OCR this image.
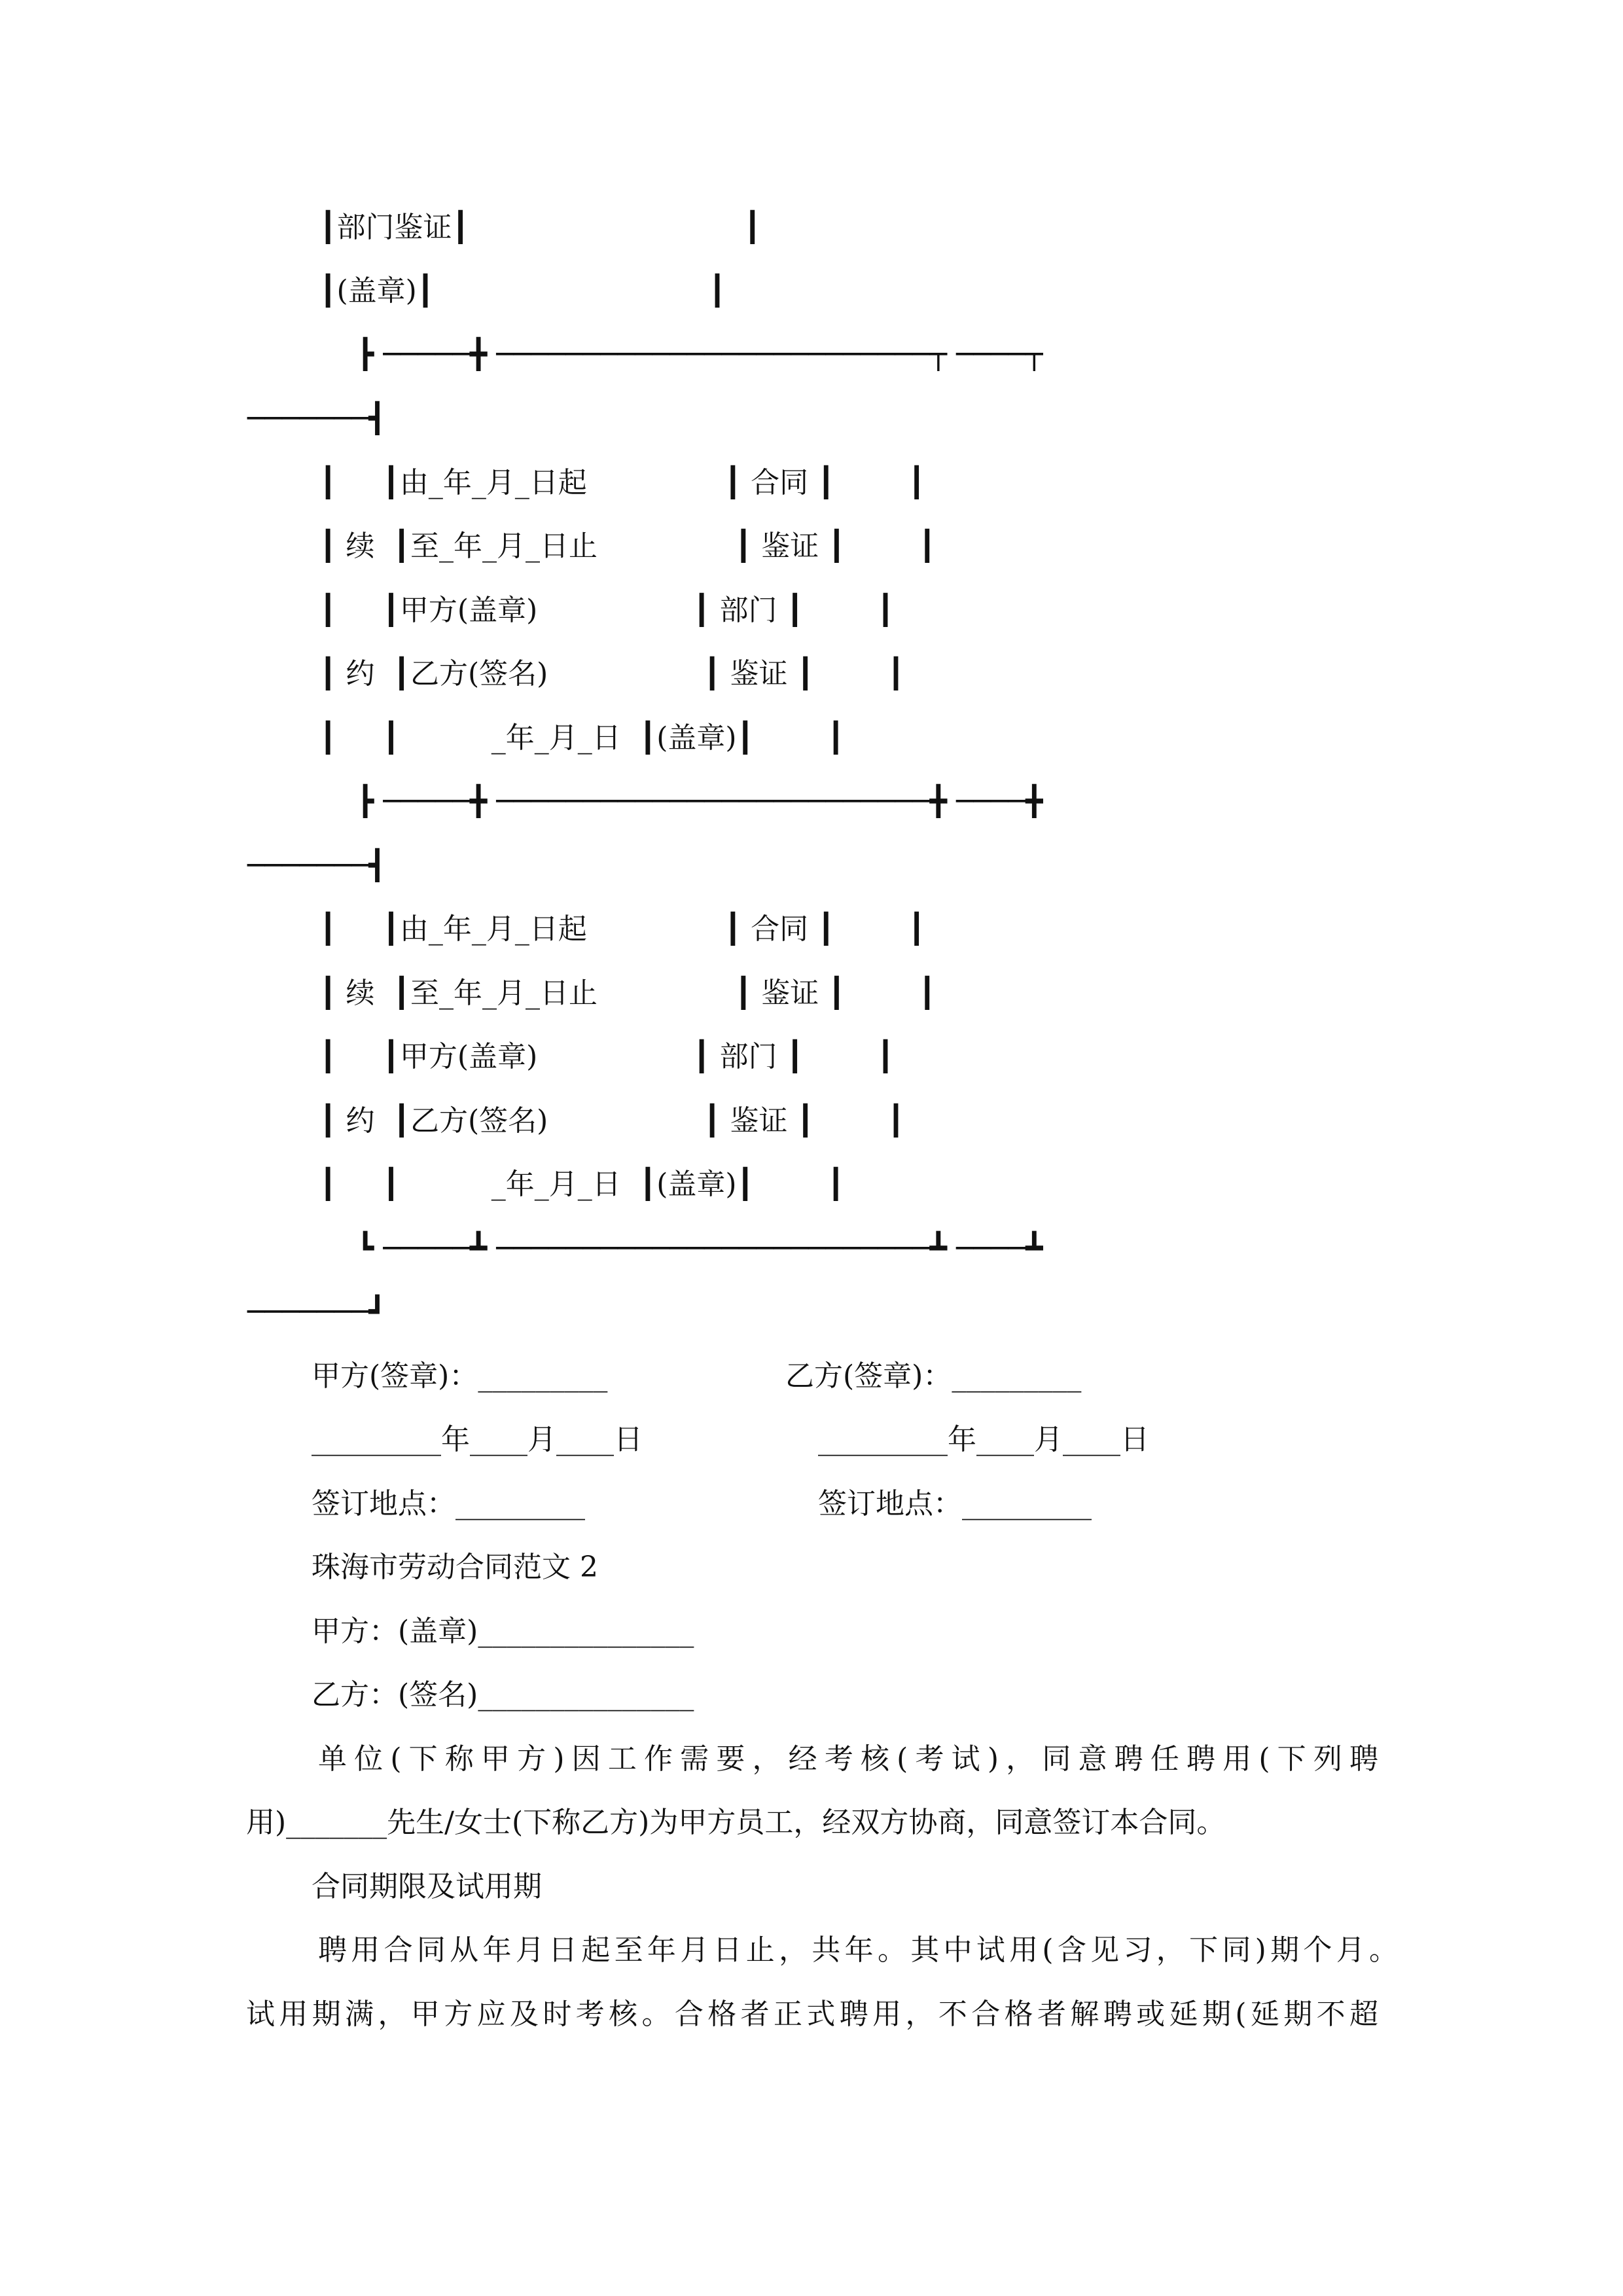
┃部门鉴证┃                              ┃
┃(盖章)┃                              ┃
┣ ─────╋ ─────────────────────────┬ ────┬
───────┫
┃     ┃由_年_月_日起               ┃ 合同 ┃        ┃
┃ 续  ┃至_年_月_日止               ┃ 鉴证 ┃        ┃
┃     ┃甲方(盖章)                 ┃ 部门 ┃        ┃
┃ 约  ┃乙方(签名)                 ┃ 鉴证 ┃        ┃
┃     ┃          _年_月_日  ┃(盖章)┃        ┃
┣ ─────╋ ─────────────────────────╋ ────╋
───────┫
┃     ┃由_年_月_日起               ┃ 合同 ┃        ┃
┃ 续  ┃至_年_月_日止               ┃ 鉴证 ┃        ┃
┃     ┃甲方(盖章)                 ┃ 部门 ┃        ┃
┃ 约  ┃乙方(签名)                 ┃ 鉴证 ┃        ┃
┃     ┃          _年_月_日  ┃(盖章)┃        ┃
┗ ─────┻ ─────────────────────────┻ ────┻
───────┛
甲方(签章)：_________	乙方(签章)：_________
_________年____月____日	_________年____月____日
签订地点：_________	签订地点：_________
珠海市劳动合同范文 2
甲方：(盖章)_______________
乙方：(签名)_______________
单位(下称甲方)因工作需要，经考核(考试)，同意聘任聘用(下列聘
用)_______先生/女士(下称乙方)为甲方员工，经双方协商，同意签订本合同。
合同期限及试用期
聘用合同从年月日起至年月日止，共年。其中试用(含见习，下同)期个月。
试用期满，甲方应及时考核。合格者正式聘用，不合格者解聘或延期(延期不超
